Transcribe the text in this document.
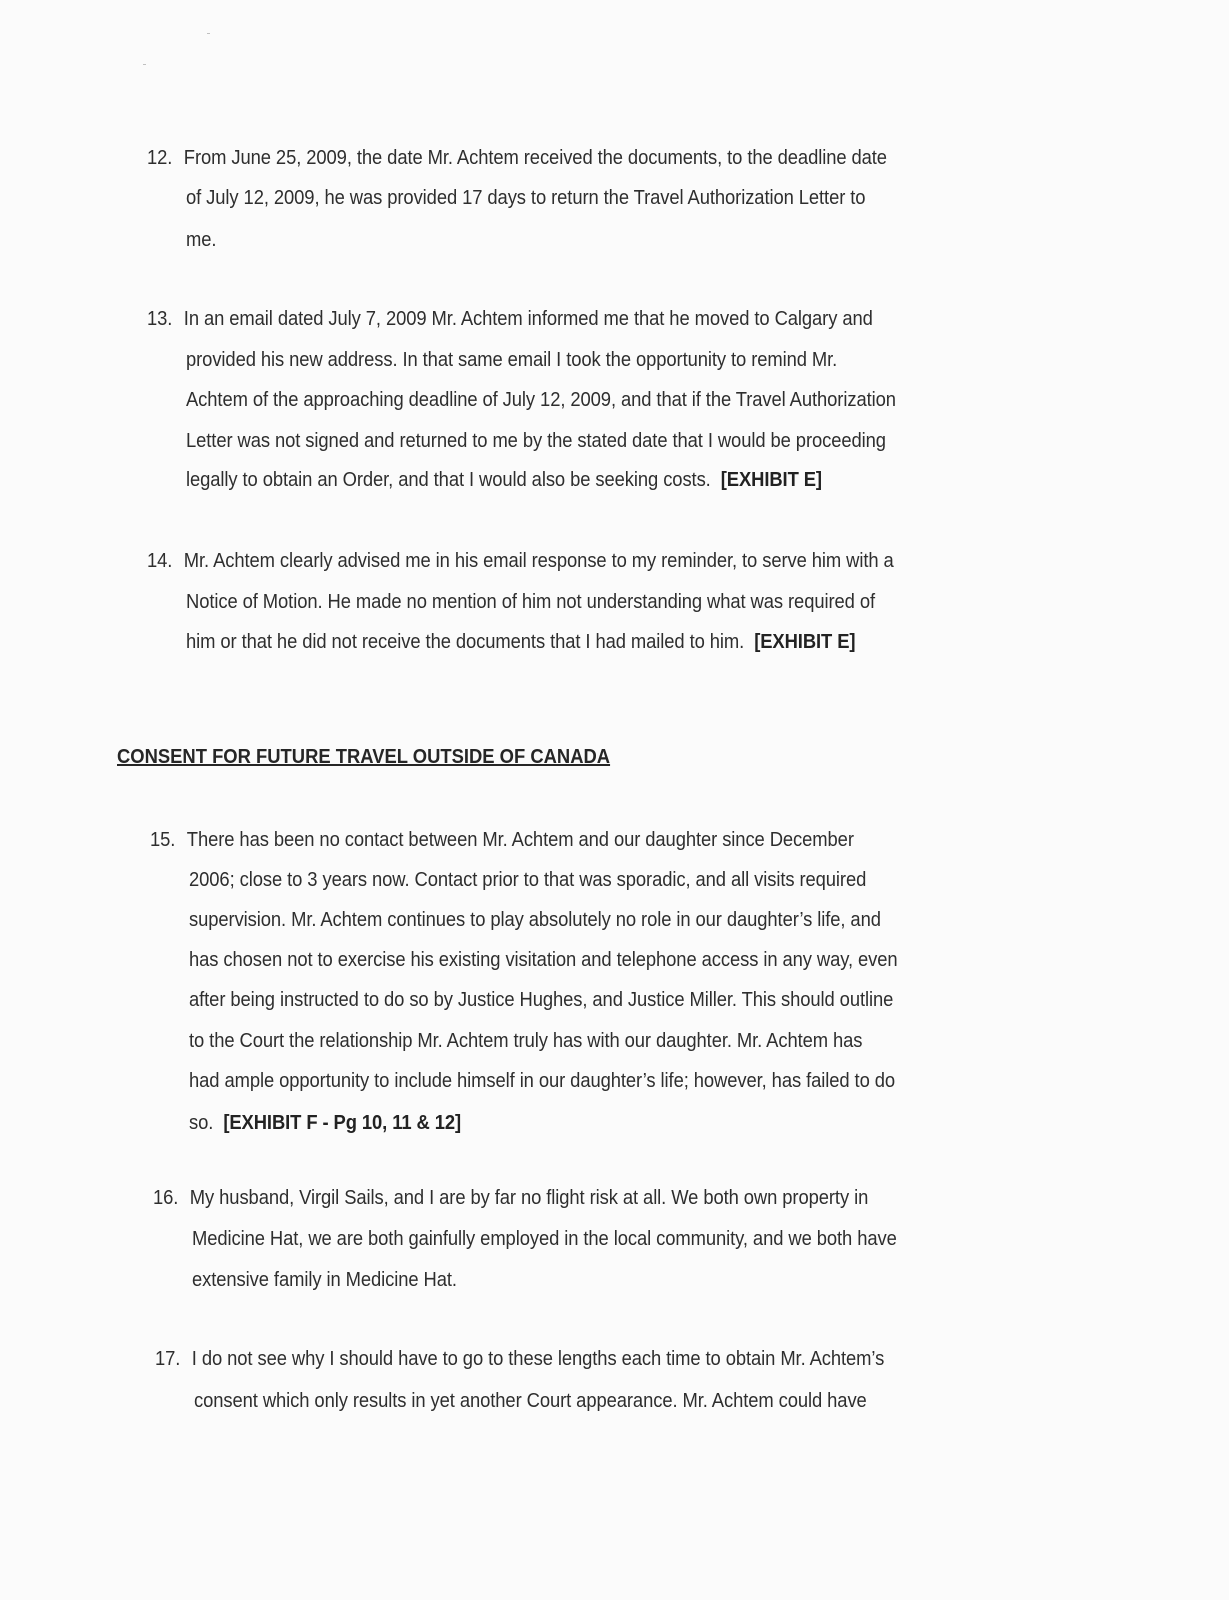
12. From June 25, 2009, the date Mr. Achtem received the documents, to the deadline date
of July 12, 2009, he was provided 17 days to return the Travel Authorization Letter to
me.
13. In an email dated July 7, 2009 Mr. Achtem informed me that he moved to Calgary and
provided his new address. In that same email I took the opportunity to remind Mr.
Achtem of the approaching deadline of July 12, 2009, and that if the Travel Authorization
Letter was not signed and returned to me by the stated date that I would be proceeding
legally to obtain an Order, and that I would also be seeking costs. [EXHIBIT E]
14. Mr. Achtem clearly advised me in his email response to my reminder, to serve him with a
Notice of Motion. He made no mention of him not understanding what was required of
him or that he did not receive the documents that I had mailed to him. [EXHIBIT E]
CONSENT FOR FUTURE TRAVEL OUTSIDE OF CANADA
15. There has been no contact between Mr. Achtem and our daughter since December
2006; close to 3 years now. Contact prior to that was sporadic, and all visits required
supervision. Mr. Achtem continues to play absolutely no role in our daughter’s life, and
has chosen not to exercise his existing visitation and telephone access in any way, even
after being instructed to do so by Justice Hughes, and Justice Miller. This should outline
to the Court the relationship Mr. Achtem truly has with our daughter. Mr. Achtem has
had ample opportunity to include himself in our daughter’s life; however, has failed to do
so. [EXHIBIT F - Pg 10, 11 & 12]
16. My husband, Virgil Sails, and I are by far no flight risk at all. We both own property in
Medicine Hat, we are both gainfully employed in the local community, and we both have
extensive family in Medicine Hat.
17. I do not see why I should have to go to these lengths each time to obtain Mr. Achtem’s
consent which only results in yet another Court appearance. Mr. Achtem could have
